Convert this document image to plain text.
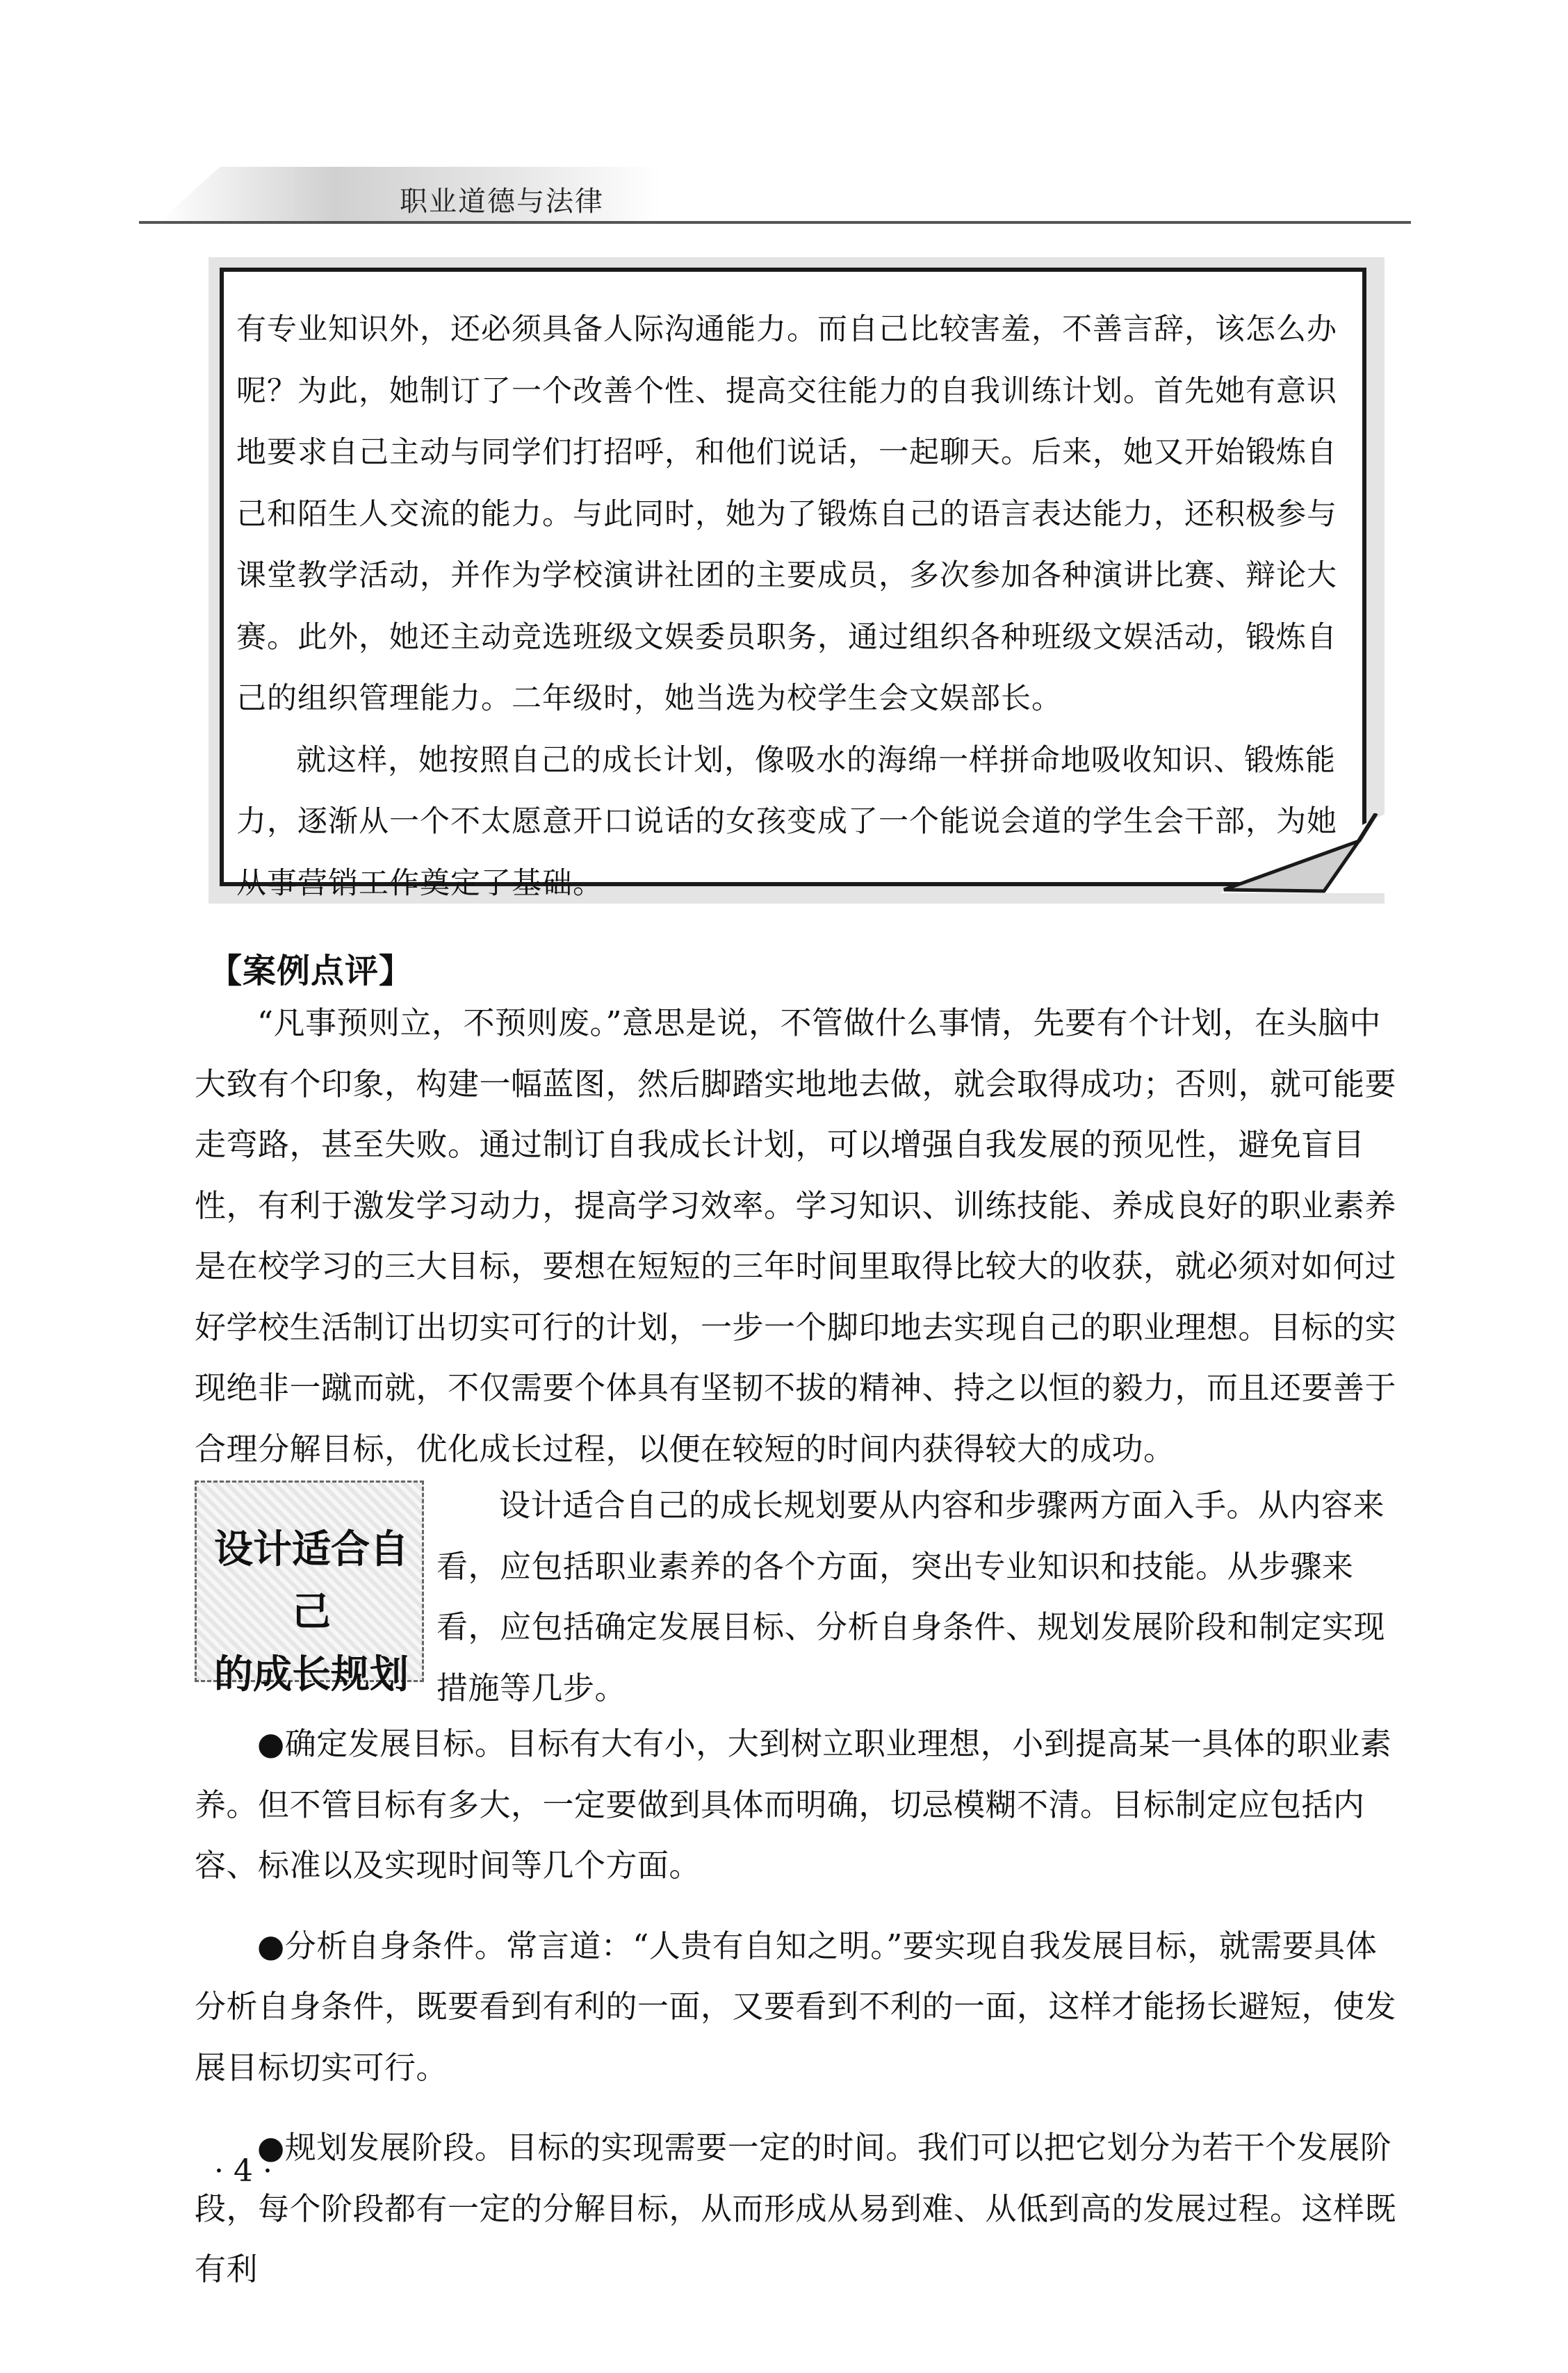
职业道德与法律

有专业知识外，还必须具备人际沟通能力。而自己比较害羞，不善言辞，该怎么办呢？为此，她制订了一个改善个性、提高交往能力的自我训练计划。首先她有意识地要求自己主动与同学们打招呼，和他们说话，一起聊天。后来，她又开始锻炼自己和陌生人交流的能力。与此同时，她为了锻炼自己的语言表达能力，还积极参与课堂教学活动，并作为学校演讲社团的主要成员，多次参加各种演讲比赛、辩论大赛。此外，她还主动竞选班级文娱委员职务，通过组织各种班级文娱活动，锻炼自己的组织管理能力。二年级时，她当选为校学生会文娱部长。

就这样，她按照自己的成长计划，像吸水的海绵一样拼命地吸收知识、锻炼能力，逐渐从一个不太愿意开口说话的女孩变成了一个能说会道的学生会干部，为她从事营销工作奠定了基础。

【案例点评】

“凡事预则立，不预则废。”意思是说，不管做什么事情，先要有个计划，在头脑中大致有个印象，构建一幅蓝图，然后脚踏实地地去做，就会取得成功；否则，就可能要走弯路，甚至失败。通过制订自我成长计划，可以增强自我发展的预见性，避免盲目性，有利于激发学习动力，提高学习效率。学习知识、训练技能、养成良好的职业素养是在校学习的三大目标，要想在短短的三年时间里取得比较大的收获，就必须对如何过好学校生活制订出切实可行的计划，一步一个脚印地去实现自己的职业理想。目标的实现绝非一蹴而就，不仅需要个体具有坚韧不拔的精神、持之以恒的毅力，而且还要善于合理分解目标，优化成长过程，以便在较短的时间内获得较大的成功。

设计适合自己
的成长规划

设计适合自己的成长规划要从内容和步骤两方面入手。从内容来看，应包括职业素养的各个方面，突出专业知识和技能。从步骤来看，应包括确定发展目标、分析自身条件、规划发展阶段和制定实现措施等几步。

●确定发展目标。目标有大有小，大到树立职业理想，小到提高某一具体的职业素养。但不管目标有多大，一定要做到具体而明确，切忌模糊不清。目标制定应包括内容、标准以及实现时间等几个方面。

●分析自身条件。常言道：“人贵有自知之明。”要实现自我发展目标，就需要具体分析自身条件，既要看到有利的一面，又要看到不利的一面，这样才能扬长避短，使发展目标切实可行。

●规划发展阶段。目标的实现需要一定的时间。我们可以把它划分为若干个发展阶段，每个阶段都有一定的分解目标，从而形成从易到难、从低到高的发展过程。这样既有利

· 4 ·
